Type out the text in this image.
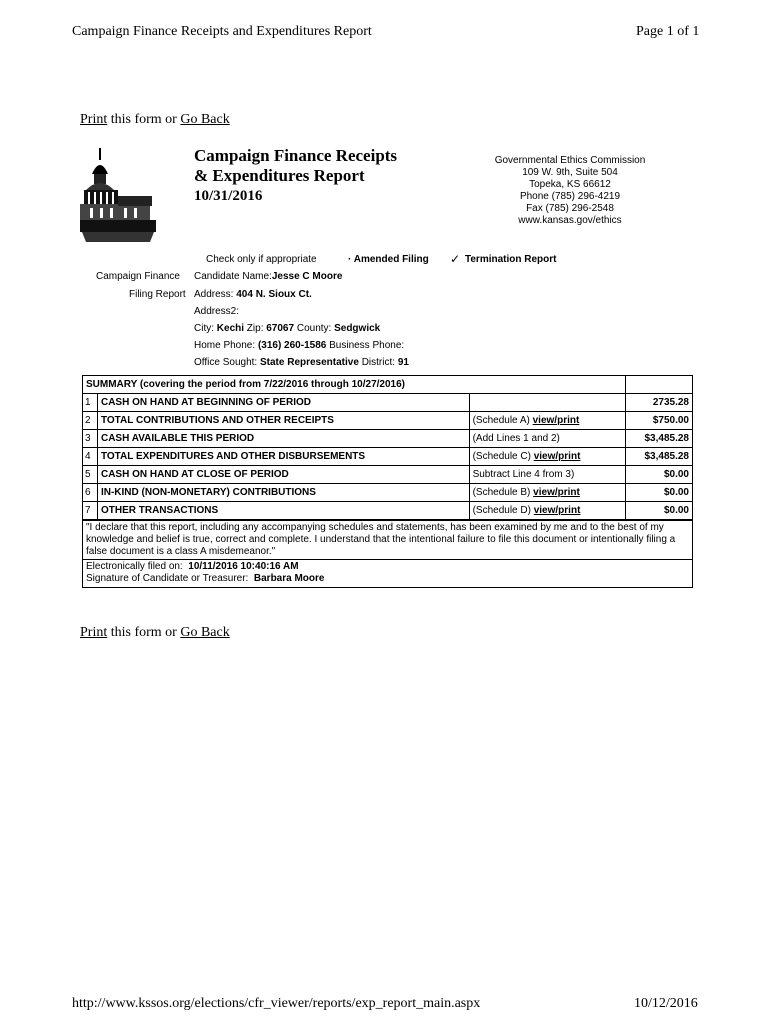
Campaign Finance Receipts and Expenditures Report	Page 1 of 1
Print this form or Go Back
Campaign Finance Receipts
& Expenditures Report
10/31/2016
Governmental Ethics Commission
109 W. 9th, Suite 504
Topeka, KS 66612
Phone (785) 296-4219
Fax (785) 296-2548
www.kansas.gov/ethics
Check only if appropriate	· Amended Filing ✓ Termination Report
Campaign Finance
Filing Report
Candidate Name:Jesse C Moore
Address: 404 N. Sioux Ct.
Address2:
City: Kechi Zip: 67067 County: Sedgwick
Home Phone: (316) 260-1586 Business Phone:
Office Sought: State Representative District: 91
SUMMARY (covering the period from 7/22/2016 through 10/27/2016)			
1	CASH ON HAND AT BEGINNING OF PERIOD		2735.28
2	TOTAL CONTRIBUTIONS AND OTHER RECEIPTS	(Schedule A) view/print	$750.00
3	CASH AVAILABLE THIS PERIOD	(Add Lines 1 and 2)	$3,485.28
4	TOTAL EXPENDITURES AND OTHER DISBURSEMENTS	(Schedule C) view/print	$3,485.28
5	CASH ON HAND AT CLOSE OF PERIOD	Subtract Line 4 from 3)	$0.00
6	IN-KIND (NON-MONETARY) CONTRIBUTIONS	(Schedule B) view/print	$0.00
7	OTHER TRANSACTIONS	(Schedule D) view/print	$0.00
"I declare that this report, including any accompanying schedules and statements, has been examined by me and to the best of my knowledge and belief is true, correct and complete. I understand that the intentional failure to file this document or intentionally filing a false document is a class A misdemeanor."
Electronically filed on: 10/11/2016 10:40:16 AM
Signature of Candidate or Treasurer: Barbara Moore
Print this form or Go Back
http://www.kssos.org/elections/cfr_viewer/reports/exp_report_main.aspx	10/12/2016
